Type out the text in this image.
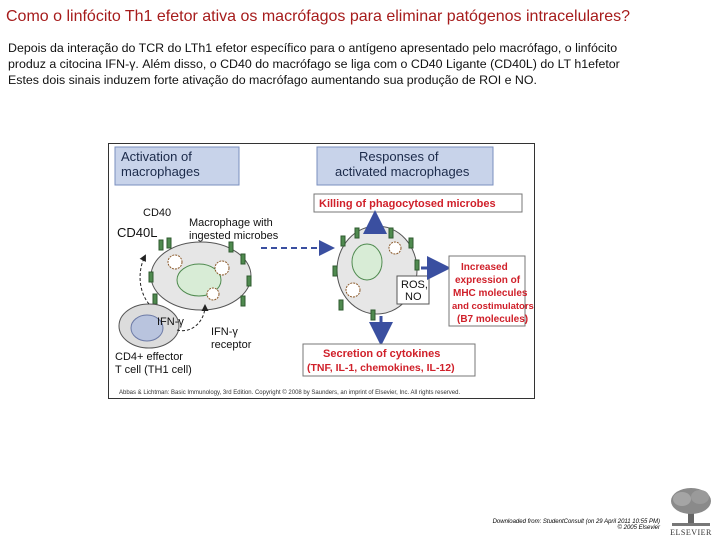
Como o linfócito Th1 efetor ativa os macrófagos para eliminar patógenos intracelulares?
Depois da interação do TCR do LTh1 efetor específico para o antígeno apresentado pelo macrófago, o linfócito
produz a citocina IFN-γ. Além disso, o CD40 do macrófago se liga com o CD40 Ligante (CD40L) do LT h1efetor
Estes dois sinais induzem forte ativação do macrófago aumentando sua produção de ROI e NO.
Activation of
macrophages
Responses of
activated macrophages
Killing of phagocytosed microbes
CD40
CD40L
Macrophage with
ingested microbes
IFN-γ
IFN-γ
receptor
CD4+ effector
T cell (TH1 cell)
ROS,
NO
Increased
expression of
MHC molecules
and costimulators
(B7 molecules)
Secretion of cytokines
(TNF, IL-1, chemokines, IL-12)
Abbas & Lichtman: Basic Immunology, 3rd Edition. Copyright © 2008 by Saunders, an imprint of Elsevier, Inc. All rights reserved.
Downloaded from: StudentConsult (on 29 April 2011 10:55 PM)
© 2005 Elsevier	ELSEVIER
